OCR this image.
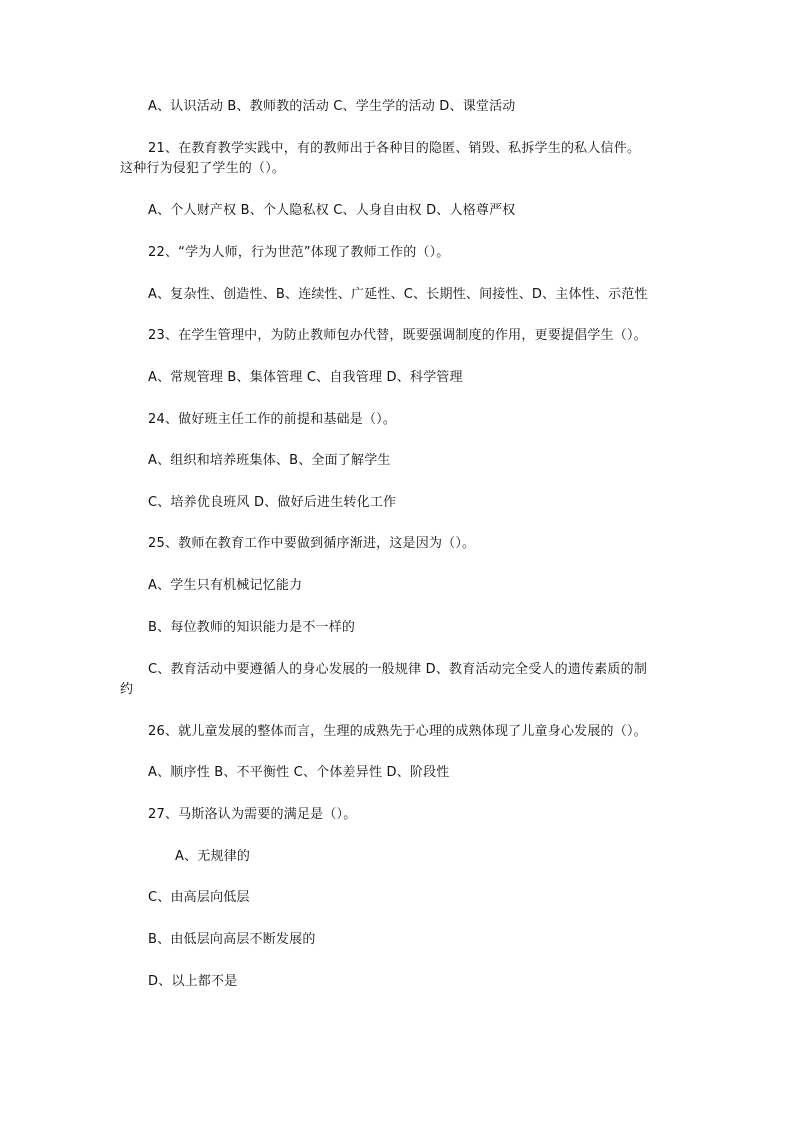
A、认识活动 B、教师教的活动 C、学生学的活动 D、课堂活动
21、在教育教学实践中，有的教师出于各种目的隐匿、销毁、私拆学生的私人信件。
这种行为侵犯了学生的（）。
A、个人财产权 B、个人隐私权 C、人身自由权 D、人格尊严权
22、“学为人师，行为世范”体现了教师工作的（）。
A、复杂性、创造性、B、连续性、广延性、C、长期性、间接性、D、主体性、示范性
23、在学生管理中，为防止教师包办代替，既要强调制度的作用，更要提倡学生（）。
A、常规管理 B、集体管理 C、自我管理 D、科学管理
24、做好班主任工作的前提和基础是（）。
A、组织和培养班集体、B、全面了解学生
C、培养优良班风 D、做好后进生转化工作
25、教师在教育工作中要做到循序渐进，这是因为（）。
A、学生只有机械记忆能力
B、每位教师的知识能力是不一样的
C、教育活动中要遵循人的身心发展的一般规律 D、教育活动完全受人的遗传素质的制
约
26、就儿童发展的整体而言，生理的成熟先于心理的成熟体现了儿童身心发展的（）。
A、顺序性 B、不平衡性 C、个体差异性 D、阶段性
27、马斯洛认为需要的满足是（）。
A、无规律的
C、由高层向低层
B、由低层向高层不断发展的
D、以上都不是
